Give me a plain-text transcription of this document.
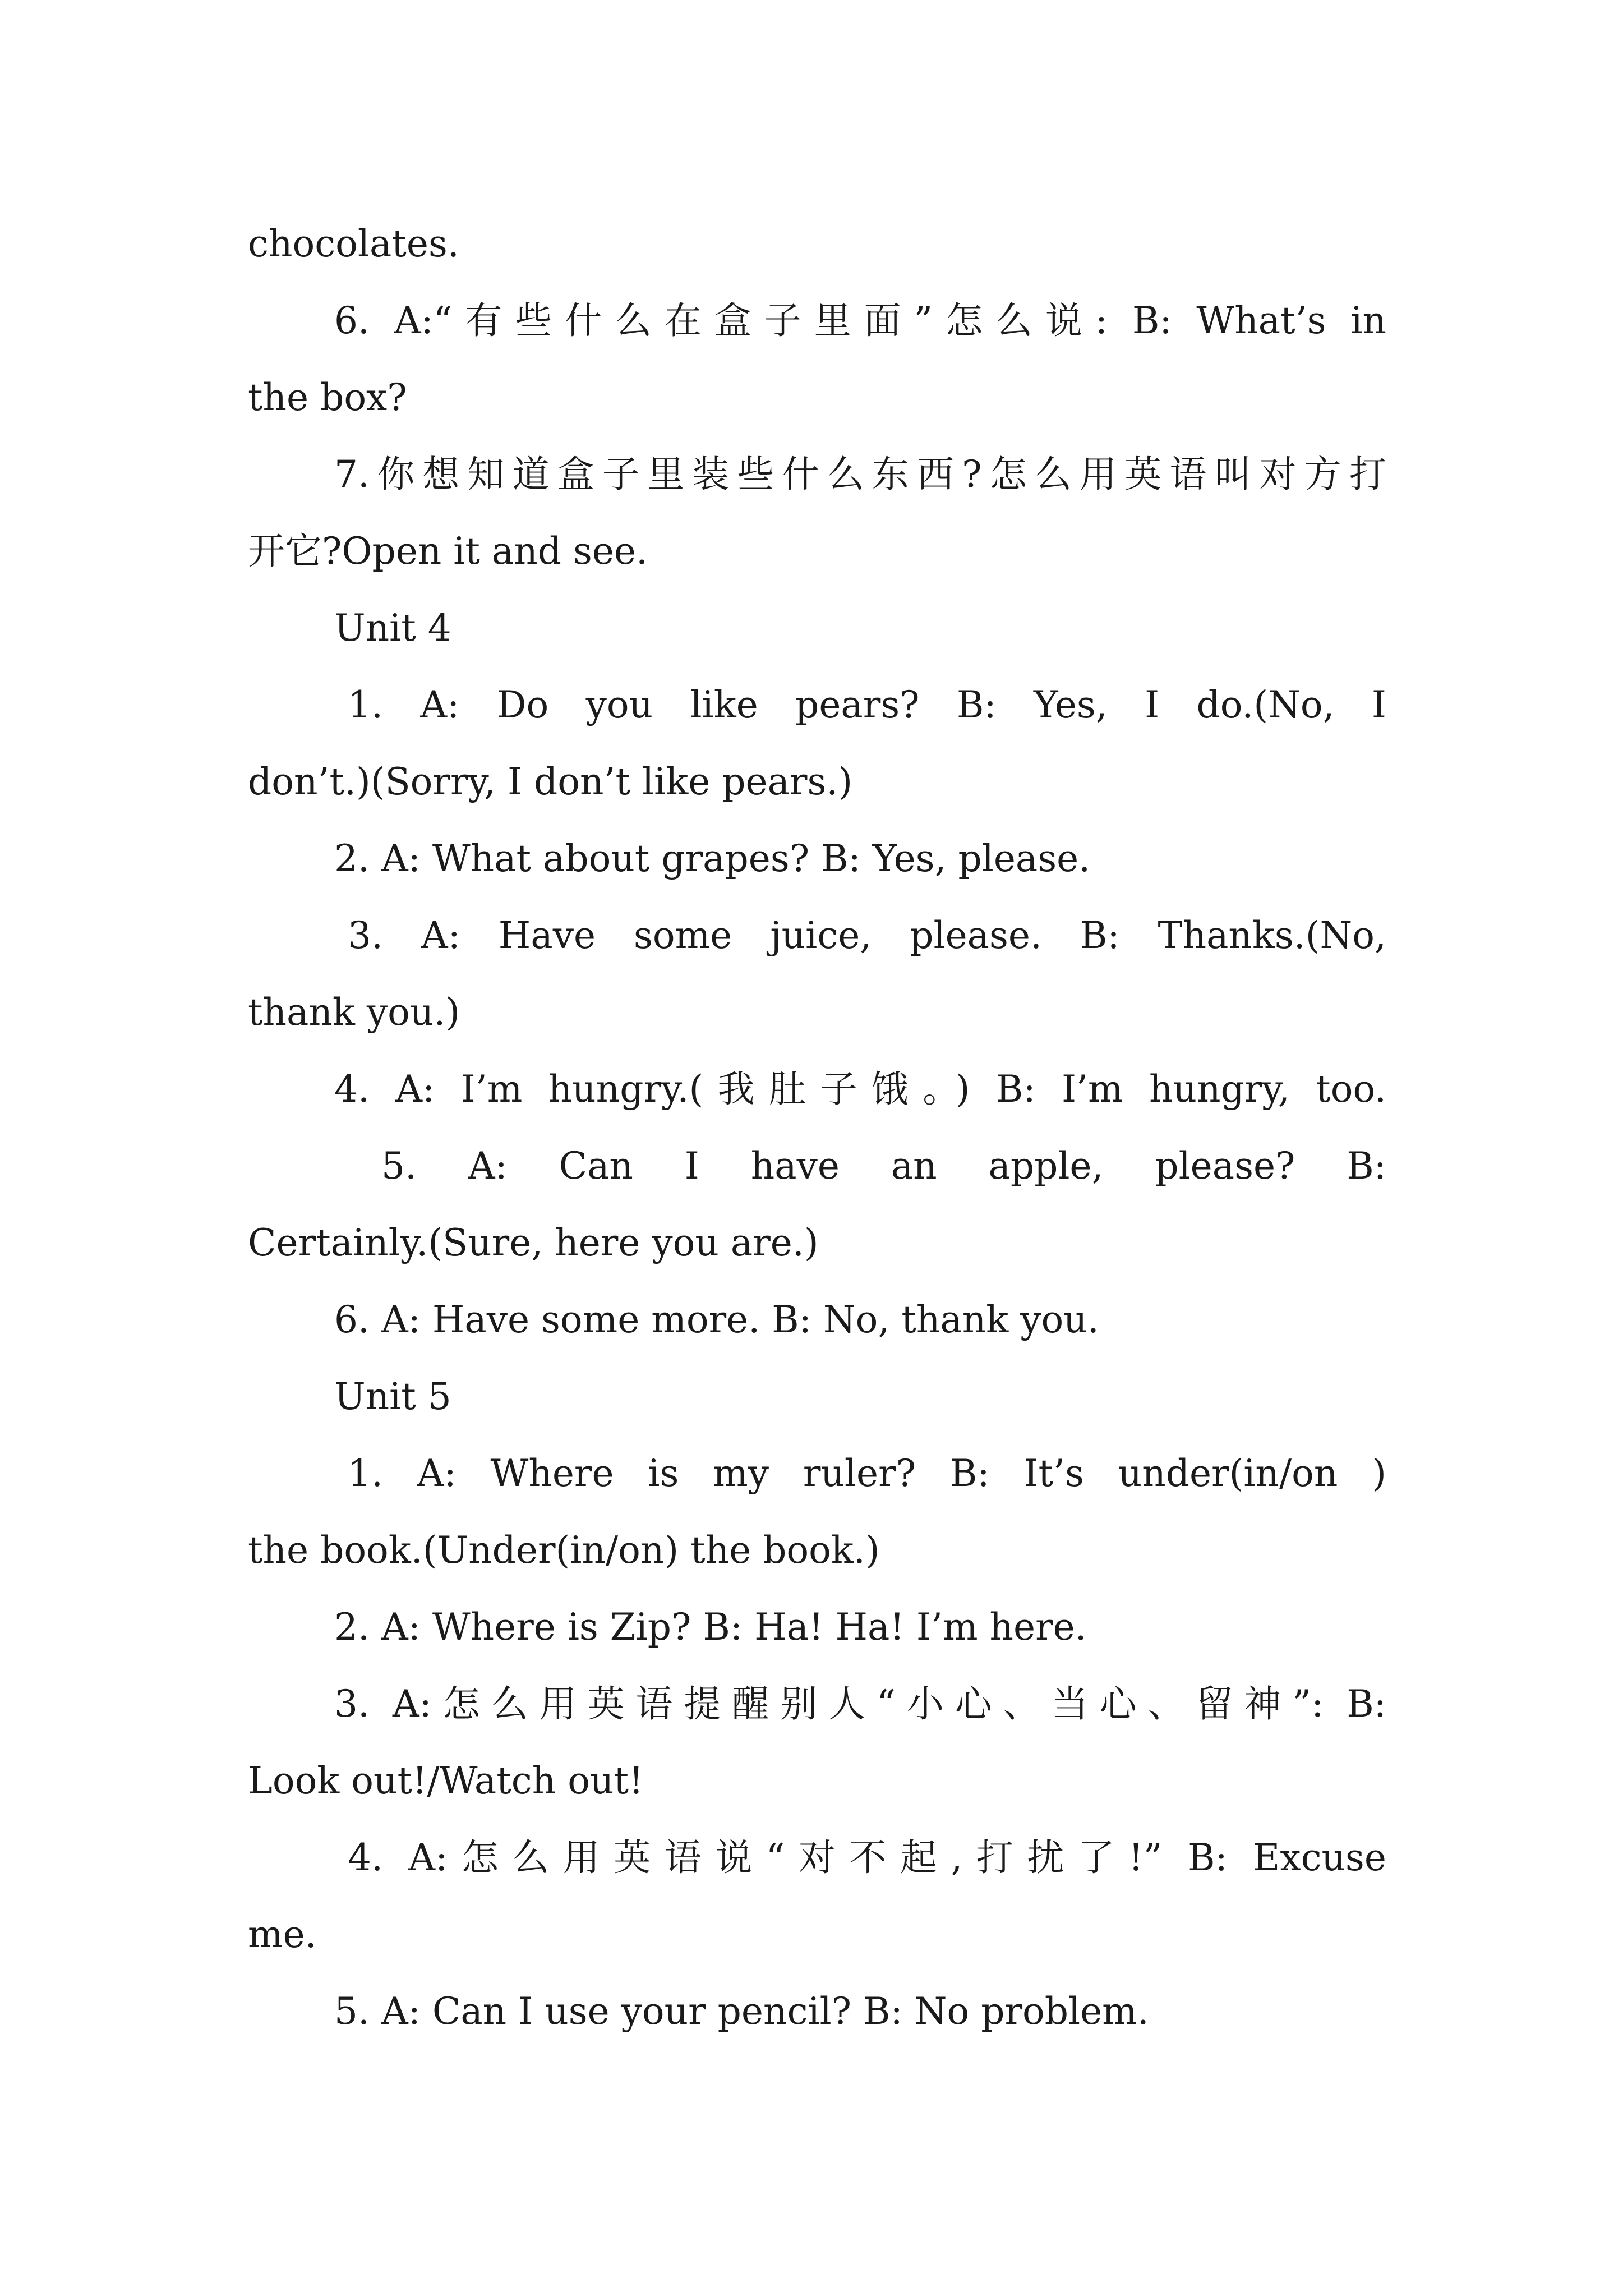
chocolates.
6. A:“有些什么在盒子里面”怎么说: B: What’s in
the box?
7.你想知道盒子里装些什么东西?怎么用英语叫对方打
开它?Open it and see.
Unit 4
1. A: Do you like pears? B: Yes, I do.(No, I
don’t.)(Sorry, I don’t like pears.)
2. A: What about grapes? B: Yes, please.
3. A: Have some juice, please. B: Thanks.(No,
thank you.)
4. A: I’m hungry.(我肚子饿。) B: I’m hungry, too.
5. A: Can I have an apple, please? B:
Certainly.(Sure, here you are.)
6. A: Have some more. B: No, thank you.
Unit 5
1. A: Where is my ruler? B: It’s under(in/on )
the book.(Under(in/on) the book.)
2. A: Where is Zip? B: Ha! Ha! I’m here.
3. A:怎么用英语提醒别人“小心、当心、留神”: B:
Look out!/Watch out!
4. A:怎么用英语说“对不起,打扰了!” B: Excuse
me.
5. A: Can I use your pencil? B: No problem.
